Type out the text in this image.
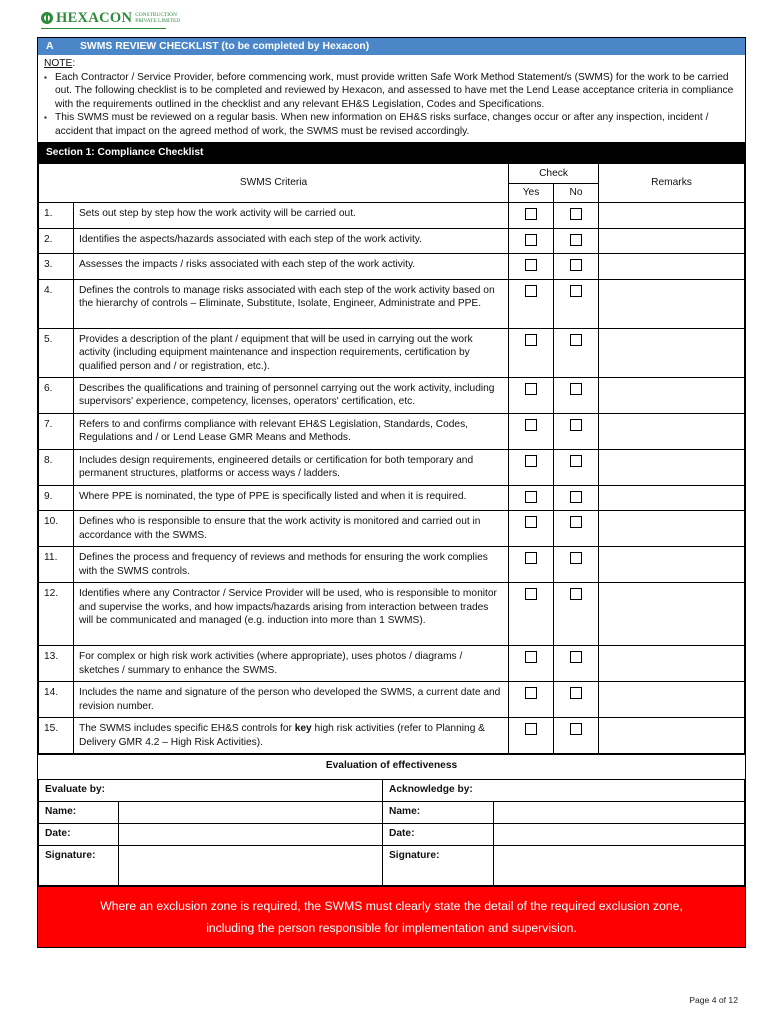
HEXACON CONSTRUCTION PRIVATE LIMITED
A	SWMS REVIEW CHECKLIST (to be completed by Hexacon)
NOTE:
▪ Each Contractor / Service Provider, before commencing work, must provide written Safe Work Method Statement/s (SWMS) for the work to be carried out. The following checklist is to be completed and reviewed by Hexacon, and assessed to have met the Lend Lease acceptance criteria in compliance with the requirements outlined in the checklist and any relevant EH&S Legislation, Codes and Specifications.
▪ This SWMS must be reviewed on a regular basis. When new information on EH&S risks surface, changes occur or after any inspection, incident / accident that impact on the agreed method of work, the SWMS must be revised accordingly.
Section 1: Compliance Checklist
SWMS Criteria		Check		Remarks
		Yes	No	
1.	Sets out step by step how the work activity will be carried out.			
2.	Identifies the aspects/hazards associated with each step of the work activity.			
3.	Assesses the impacts / risks associated with each step of the work activity.			
4.	Defines the controls to manage risks associated with each step of the work activity based on the hierarchy of controls – Eliminate, Substitute, Isolate, Engineer, Administrate and PPE.			
5.	Provides a description of the plant / equipment that will be used in carrying out the work activity (including equipment maintenance and inspection requirements, certification by qualified person and / or registration, etc.).			
6.	Describes the qualifications and training of personnel carrying out the work activity, including supervisors' experience, competency, licenses, operators' certification, etc.			
7.	Refers to and confirms compliance with relevant EH&S Legislation, Standards, Codes, Regulations and / or Lend Lease GMR Means and Methods.			
8.	Includes design requirements, engineered details or certification for both temporary and permanent structures, platforms or access ways / ladders.			
9.	Where PPE is nominated, the type of PPE is specifically listed and when it is required.			
10.	Defines who is responsible to ensure that the work activity is monitored and carried out in accordance with the SWMS.			
11.	Defines the process and frequency of reviews and methods for ensuring the work complies with the SWMS controls.			
12.	Identifies where any Contractor / Service Provider will be used, who is responsible to monitor and supervise the works, and how impacts/hazards arising from interaction between trades will be communicated and managed (e.g. induction into more than 1 SWMS).			
13.	For complex or high risk work activities (where appropriate), uses photos / diagrams / sketches / summary to enhance the SWMS.			
14.	Includes the name and signature of the person who developed the SWMS, a current date and revision number.			
15.	The SWMS includes specific EH&S controls for key high risk activities (refer to Planning & Delivery GMR 4.2 – High Risk Activities).			
Evaluation of effectiveness
Evaluate by:		Acknowledge by:	
Name:		Name:	
Date:		Date:	
Signature:		Signature:	
Where an exclusion zone is required, the SWMS must clearly state the detail of the required exclusion zone,
including the person responsible for implementation and supervision.
Page 4 of 12
